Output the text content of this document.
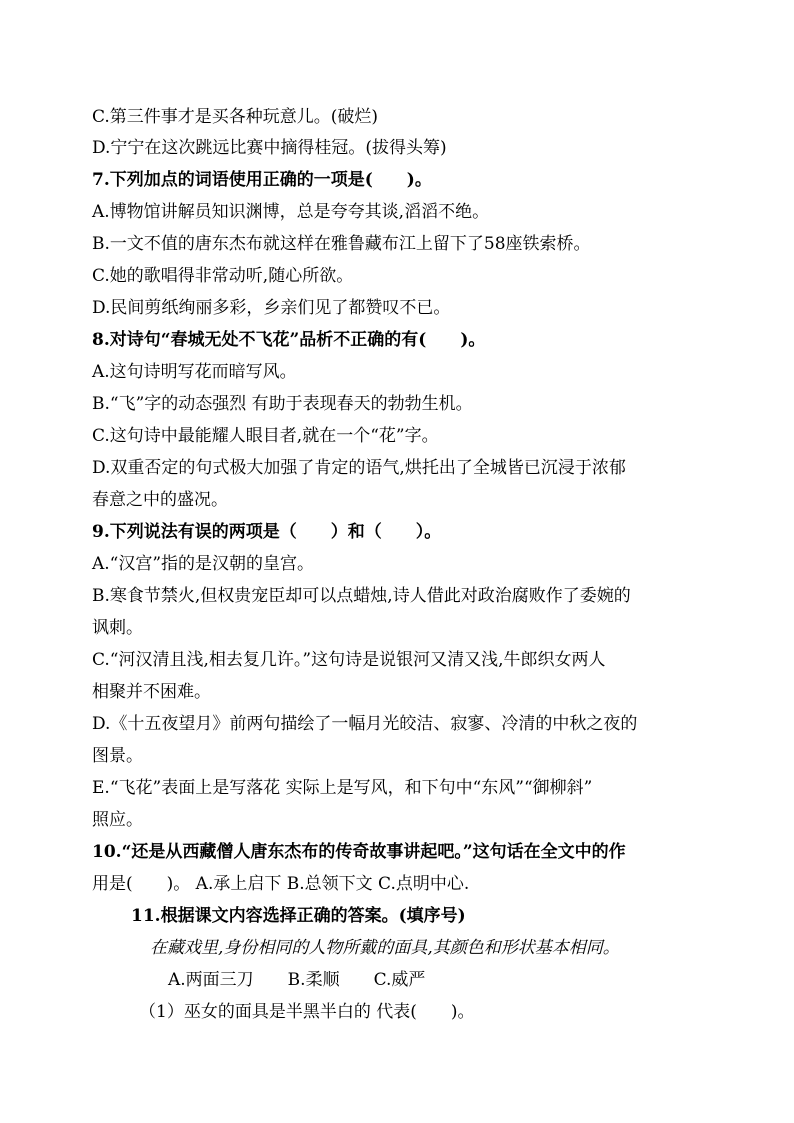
C.第三件事才是买各种玩意儿。(破烂)
D.宁宁在这次跳远比赛中摘得桂冠。(拔得头筹)
7.下列加点的词语使用正确的一项是(　　)。
A.博物馆讲解员知识渊博，总是夸夸其谈,滔滔不绝。
B.一文不值的唐东杰布就这样在雅鲁藏布江上留下了58座铁索桥。
C.她的歌唱得非常动听,随心所欲。
D.民间剪纸绚丽多彩，乡亲们见了都赞叹不已。
8.对诗句“春城无处不飞花”品析不正确的有(　　)。
A.这句诗明写花而暗写风。
B.“飞”字的动态强烈 有助于表现春天的勃勃生机。
C.这句诗中最能耀人眼目者,就在一个“花”字。
D.双重否定的句式极大加强了肯定的语气,烘托出了全城皆已沉浸于浓郁
春意之中的盛况。
9.下列说法有误的两项是（　　）和（　　）。
A.“汉宫”指的是汉朝的皇宫。
B.寒食节禁火,但权贵宠臣却可以点蜡烛,诗人借此对政治腐败作了委婉的
讽刺。
C.“河汉清且浅,相去复几许。”这句诗是说银河又清又浅,牛郎织女两人
相聚并不困难。
D.《十五夜望月》前两句描绘了一幅月光皎洁、寂寥、冷清的中秋之夜的
图景。
E.“飞花”表面上是写落花 实际上是写风，和下句中“东风”“御柳斜”
照应。
10.“还是从西藏僧人唐东杰布的传奇故事讲起吧。”这句话在全文中的作
用是(　　)。 A.承上启下 B.总领下文 C.点明中心.
11.根据课文内容选择正确的答案。(填序号)
在藏戏里,身份相同的人物所戴的面具,其颜色和形状基本相同。
A.两面三刀　　B.柔顺　　C.威严
（1）巫女的面具是半黑半白的 代表(　　)。
